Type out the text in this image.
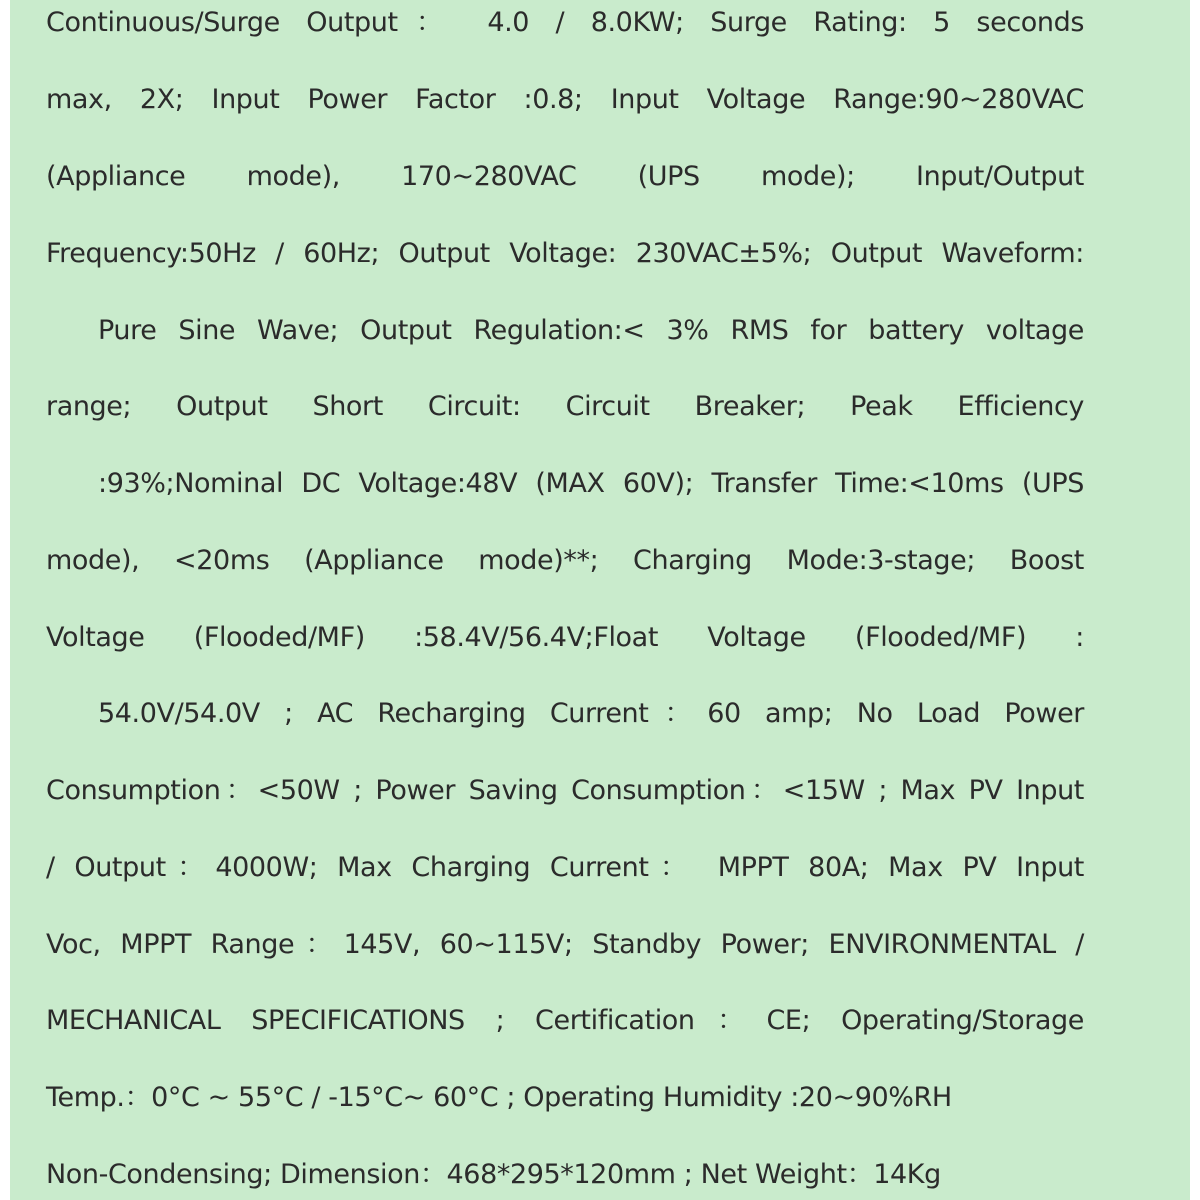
Continuous/Surge Output： 4.0 / 8.0KW; Surge Rating: 5 seconds
max, 2X; Input Power Factor :0.8; Input Voltage Range:90~280VAC
(Appliance mode), 170~280VAC (UPS mode); Input/Output
Frequency:50Hz / 60Hz; Output Voltage: 230VAC±5%; Output Waveform:
Pure Sine Wave; Output Regulation:< 3% RMS for battery voltage
range; Output Short Circuit: Circuit Breaker; Peak Efficiency
:93%;Nominal DC Voltage:48V (MAX 60V); Transfer Time:<10ms (UPS
mode), <20ms (Appliance mode)**; Charging Mode:3-stage; Boost
Voltage (Flooded/MF) :58.4V/56.4V;Float Voltage (Flooded/MF) :
54.0V/54.0V ; AC Recharging Current：60 amp; No Load Power
Consumption：<50W ; Power Saving Consumption：<15W ; Max PV Input
/ Output：4000W; Max Charging Current： MPPT 80A; Max PV Input
Voc, MPPT Range：145V, 60~115V; Standby Power; ENVIRONMENTAL /
MECHANICAL SPECIFICATIONS ; Certification：CE; Operating/Storage
Temp.：0°C ~ 55°C / -15°C~ 60°C ; Operating Humidity :20~90%RH
Non-Condensing; Dimension：468*295*120mm ; Net Weight：14Kg
